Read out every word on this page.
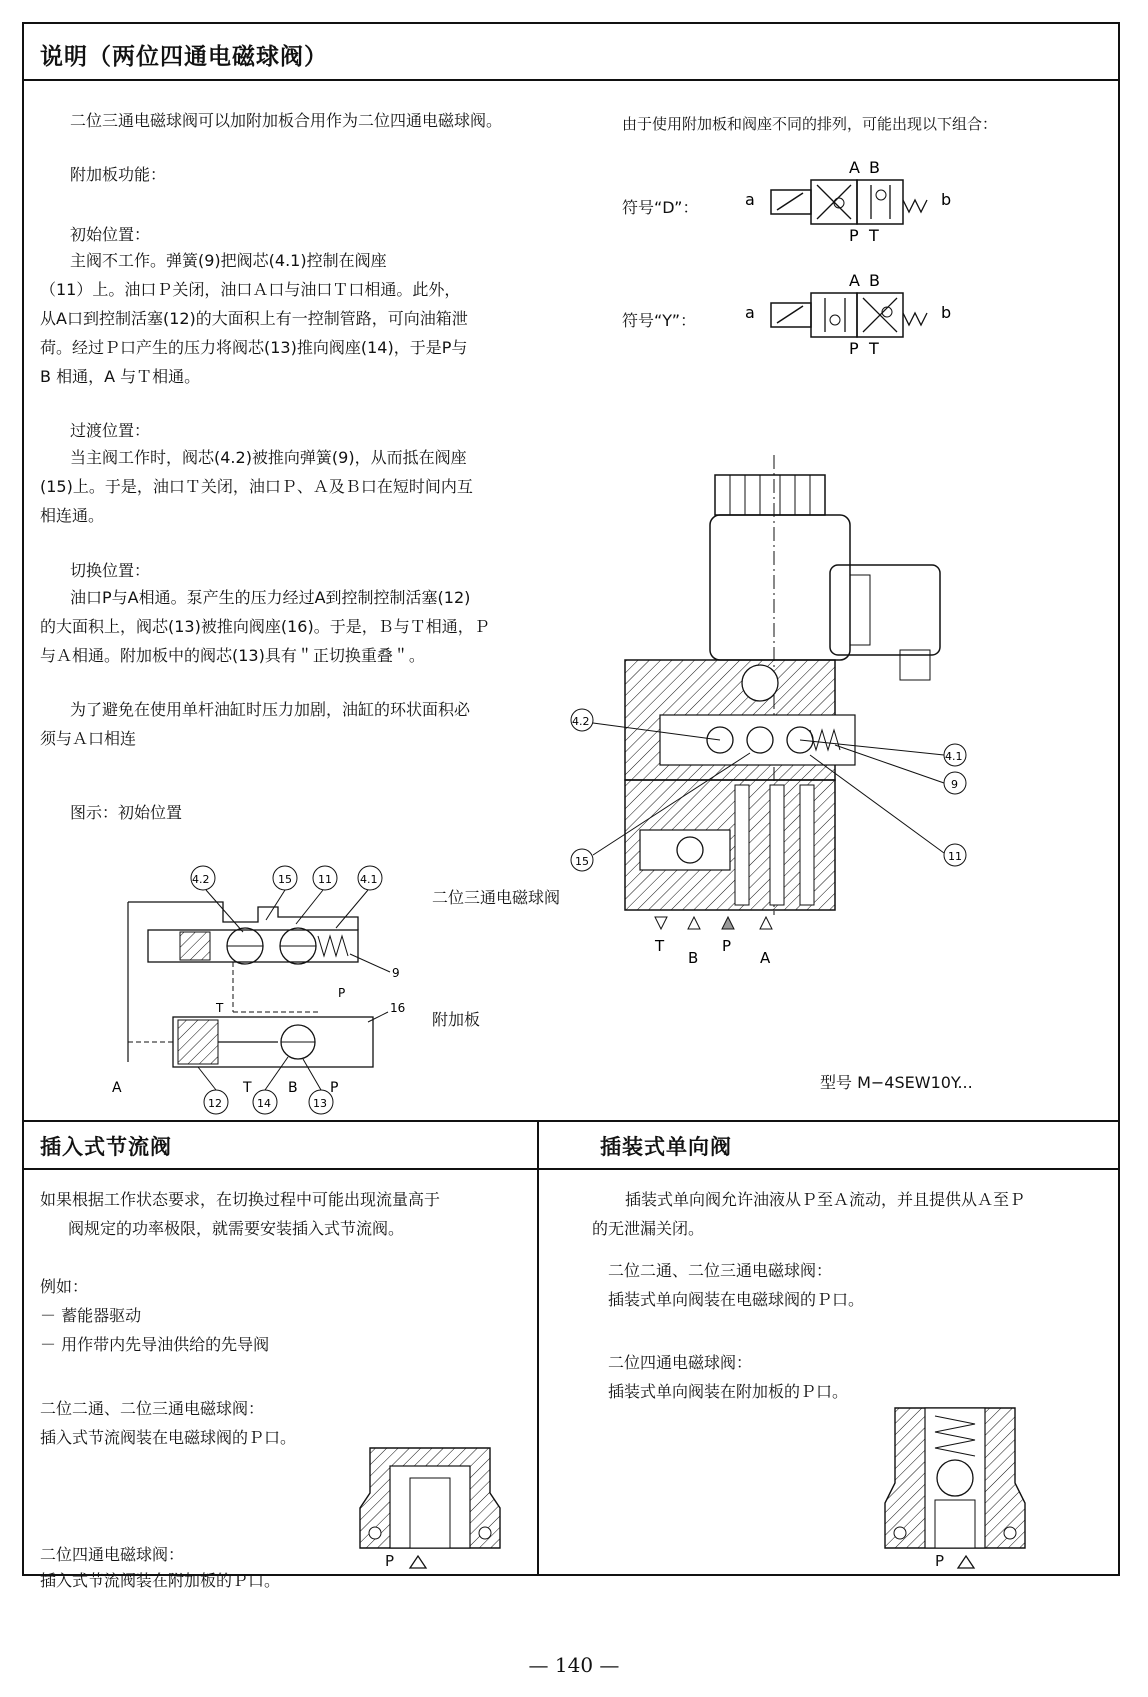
说明（两位四通电磁球阀）
二位三通电磁球阀可以加附加板合用作为二位四通电磁球阀。
附加板功能：
初始位置：
主阀不工作。弹簧(9)把阀芯(4.1)控制在阀座
（11）上。油口Ｐ关闭，油口Ａ口与油口Ｔ口相通。此外，
从A口到控制活塞(12)的大面积上有一控制管路，可向油箱泄
荷。经过Ｐ口产生的压力将阀芯(13)推向阀座(14)，于是P与
B 相通，A 与Ｔ相通。
过渡位置：
当主阀工作时，阀芯(4.2)被推向弹簧(9)，从而抵在阀座
(15)上。于是，油口Ｔ关闭，油口Ｐ、Ａ及Ｂ口在短时间内互
相连通。
切换位置：
油口P与A相通。泵产生的压力经过A到控制控制活塞(12)
的大面积上，阀芯(13)被推向阀座(16)。于是，Ｂ与Ｔ相通，Ｐ
与Ａ相通。附加板中的阀芯(13)具有＂正切换重叠＂。
为了避免在使用单杆油缸时压力加剧，油缸的环状面积必
须与Ａ口相连
图示：初始位置
由于使用附加板和阀座不同的排列，可能出现以下组合：
符号“D”：
符号“Y”：
a	b
A B
P T
a	b
A B
P T
T
B
P
A
4.2
4.1
9
11
15
型号 M−4SEW10Y...
4.2	15 11	4.1
9
P
T	16
A	T	B P
12	14	13
二位三通电磁球阀
附加板
插入式节流阀
如果根据工作状态要求，在切换过程中可能出现流量高于
阀规定的功率极限，就需要安装插入式节流阀。
例如：
－ 蓄能器驱动
－ 用作带内先导油供给的先导阀
二位二通、二位三通电磁球阀：
插入式节流阀装在电磁球阀的Ｐ口。
二位四通电磁球阀：
插入式节流阀装在附加板的Ｐ口。
P
插装式单向阀
插装式单向阀允许油液从Ｐ至Ａ流动，并且提供从Ａ至Ｐ
的无泄漏关闭。
二位二通、二位三通电磁球阀：
插装式单向阀装在电磁球阀的Ｐ口。
二位四通电磁球阀：
插装式单向阀装在附加板的Ｐ口。
P
— 140 —
